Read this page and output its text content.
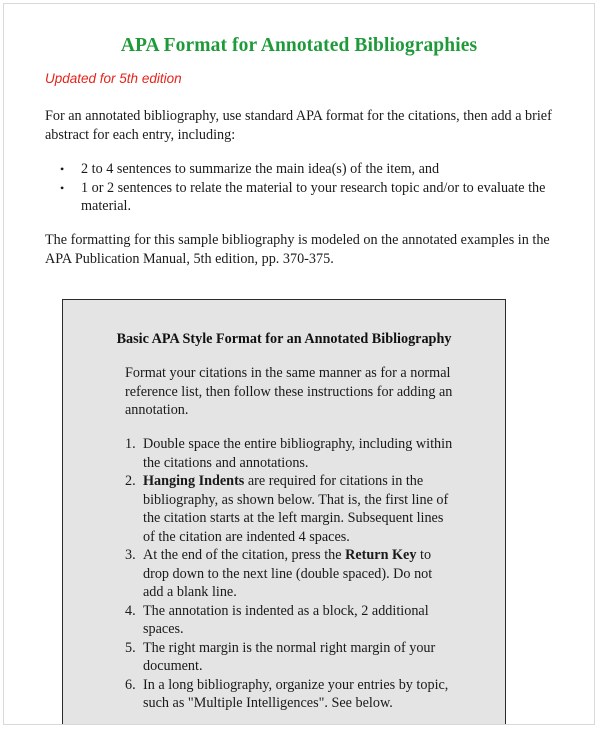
APA Format for Annotated Bibliographies
Updated for 5th edition

For an annotated bibliography, use standard APA format for the citations, then add a brief abstract for each entry, including:

• 2 to 4 sentences to summarize the main idea(s) of the item, and
• 1 or 2 sentences to relate the material to your research topic and/or to evaluate the material.

The formatting for this sample bibliography is modeled on the annotated examples in the APA Publication Manual, 5th edition, pp. 370-375.

Basic APA Style Format for an Annotated Bibliography

Format your citations in the same manner as for a normal reference list, then follow these instructions for adding an annotation.

1. Double space the entire bibliography, including within the citations and annotations.
2. Hanging Indents are required for citations in the bibliography, as shown below. That is, the first line of the citation starts at the left margin. Subsequent lines of the citation are indented 4 spaces.
3. At the end of the citation, press the Return Key to drop down to the next line (double spaced). Do not add a blank line.
4. The annotation is indented as a block, 2 additional spaces.
5. The right margin is the normal right margin of your document.
6. In a long bibliography, organize your entries by topic, such as "Multiple Intelligences". See below.
